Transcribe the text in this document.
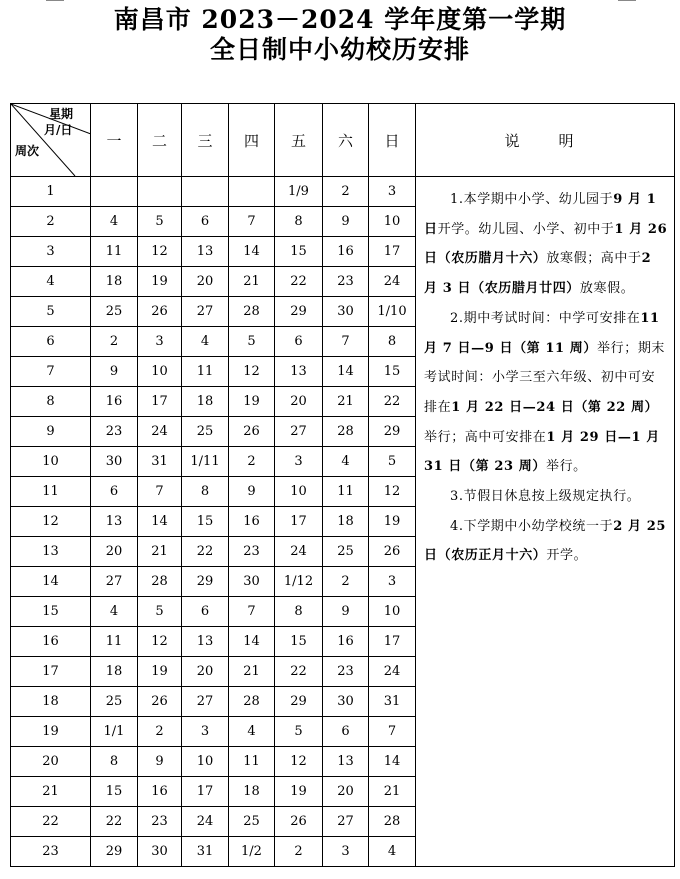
南昌市 2023－2024 学年度第一学期
全日制中小幼校历安排
星期
月/日
周次	一	二	三	四	五	六	日	说　明
1					1/9	2	3	1.本学期中小学、幼儿园于9 月 1 日开学。幼儿园、小学、初中于1 月 26 日（农历腊月十六）放寒假；高中于2 月 3 日（农历腊月廿四）放寒假。

2.期中考试时间：中学可安排在11 月 7 日—9 日（第 11 周）举行；期末考试时间：小学三至六年级、初中可安排在1 月 22 日—24 日（第 22 周）举行；高中可安排在1 月 29 日—1 月 31 日（第 23 周）举行。

3.节假日休息按上级规定执行。

4.下学期中小幼学校统一于2 月 25 日（农历正月十六）开学。

2	4	5	6	7	8	9	10	
3	11	12	13	14	15	16	17	
4	18	19	20	21	22	23	24	
5	25	26	27	28	29	30	1/10	
6	2	3	4	5	6	7	8	
7	9	10	11	12	13	14	15	
8	16	17	18	19	20	21	22	
9	23	24	25	26	27	28	29	
10	30	31	1/11	2	3	4	5	
11	6	7	8	9	10	11	12	
12	13	14	15	16	17	18	19	
13	20	21	22	23	24	25	26	
14	27	28	29	30	1/12	2	3	
15	4	5	6	7	8	9	10	
16	11	12	13	14	15	16	17	
17	18	19	20	21	22	23	24	
18	25	26	27	28	29	30	31	
19	1/1	2	3	4	5	6	7	
20	8	9	10	11	12	13	14	
21	15	16	17	18	19	20	21	
22	22	23	24	25	26	27	28	
23	29	30	31	1/2	2	3	4	
